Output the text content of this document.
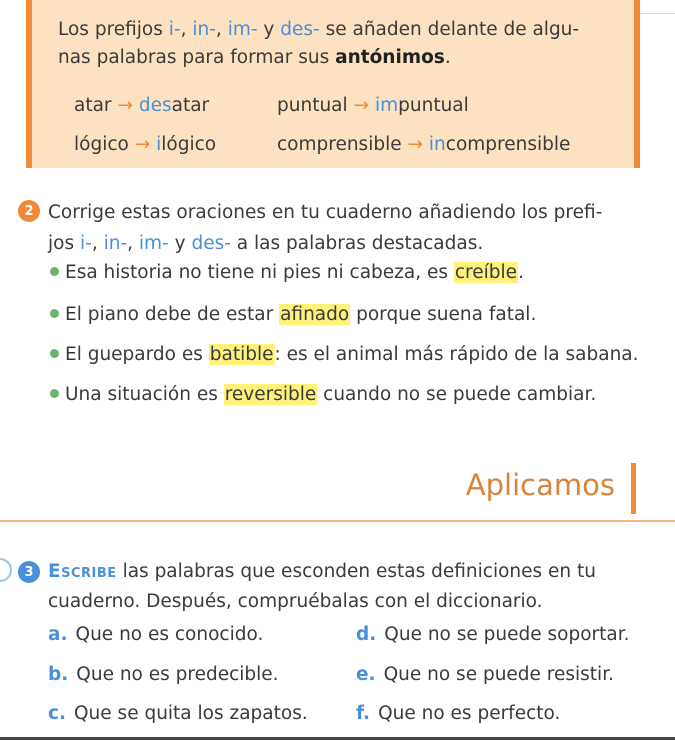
Los prefijos i-, in-, im- y des- se añaden delante de algu-
nas palabras para formar sus antónimos.
atar → desatar	puntual → impuntual
lógico → ilógico	comprensible → incomprensible
2 Corrige estas oraciones en tu cuaderno añadiendo los prefi-
jos i-, in-, im- y des- a las palabras destacadas.
Esa historia no tiene ni pies ni cabeza, es creíble.
El piano debe de estar afinado porque suena fatal.
El guepardo es batible: es el animal más rápido de la sabana.
Una situación es reversible cuando no se puede cambiar.
Aplicamos
3 Escribe las palabras que esconden estas definiciones en tu
cuaderno. Después, compruébalas con el diccionario.
a. Que no es conocido.	d. Que no se puede soportar.
b. Que no es predecible.	e. Que no se puede resistir.
c. Que se quita los zapatos.	f. Que no es perfecto.
